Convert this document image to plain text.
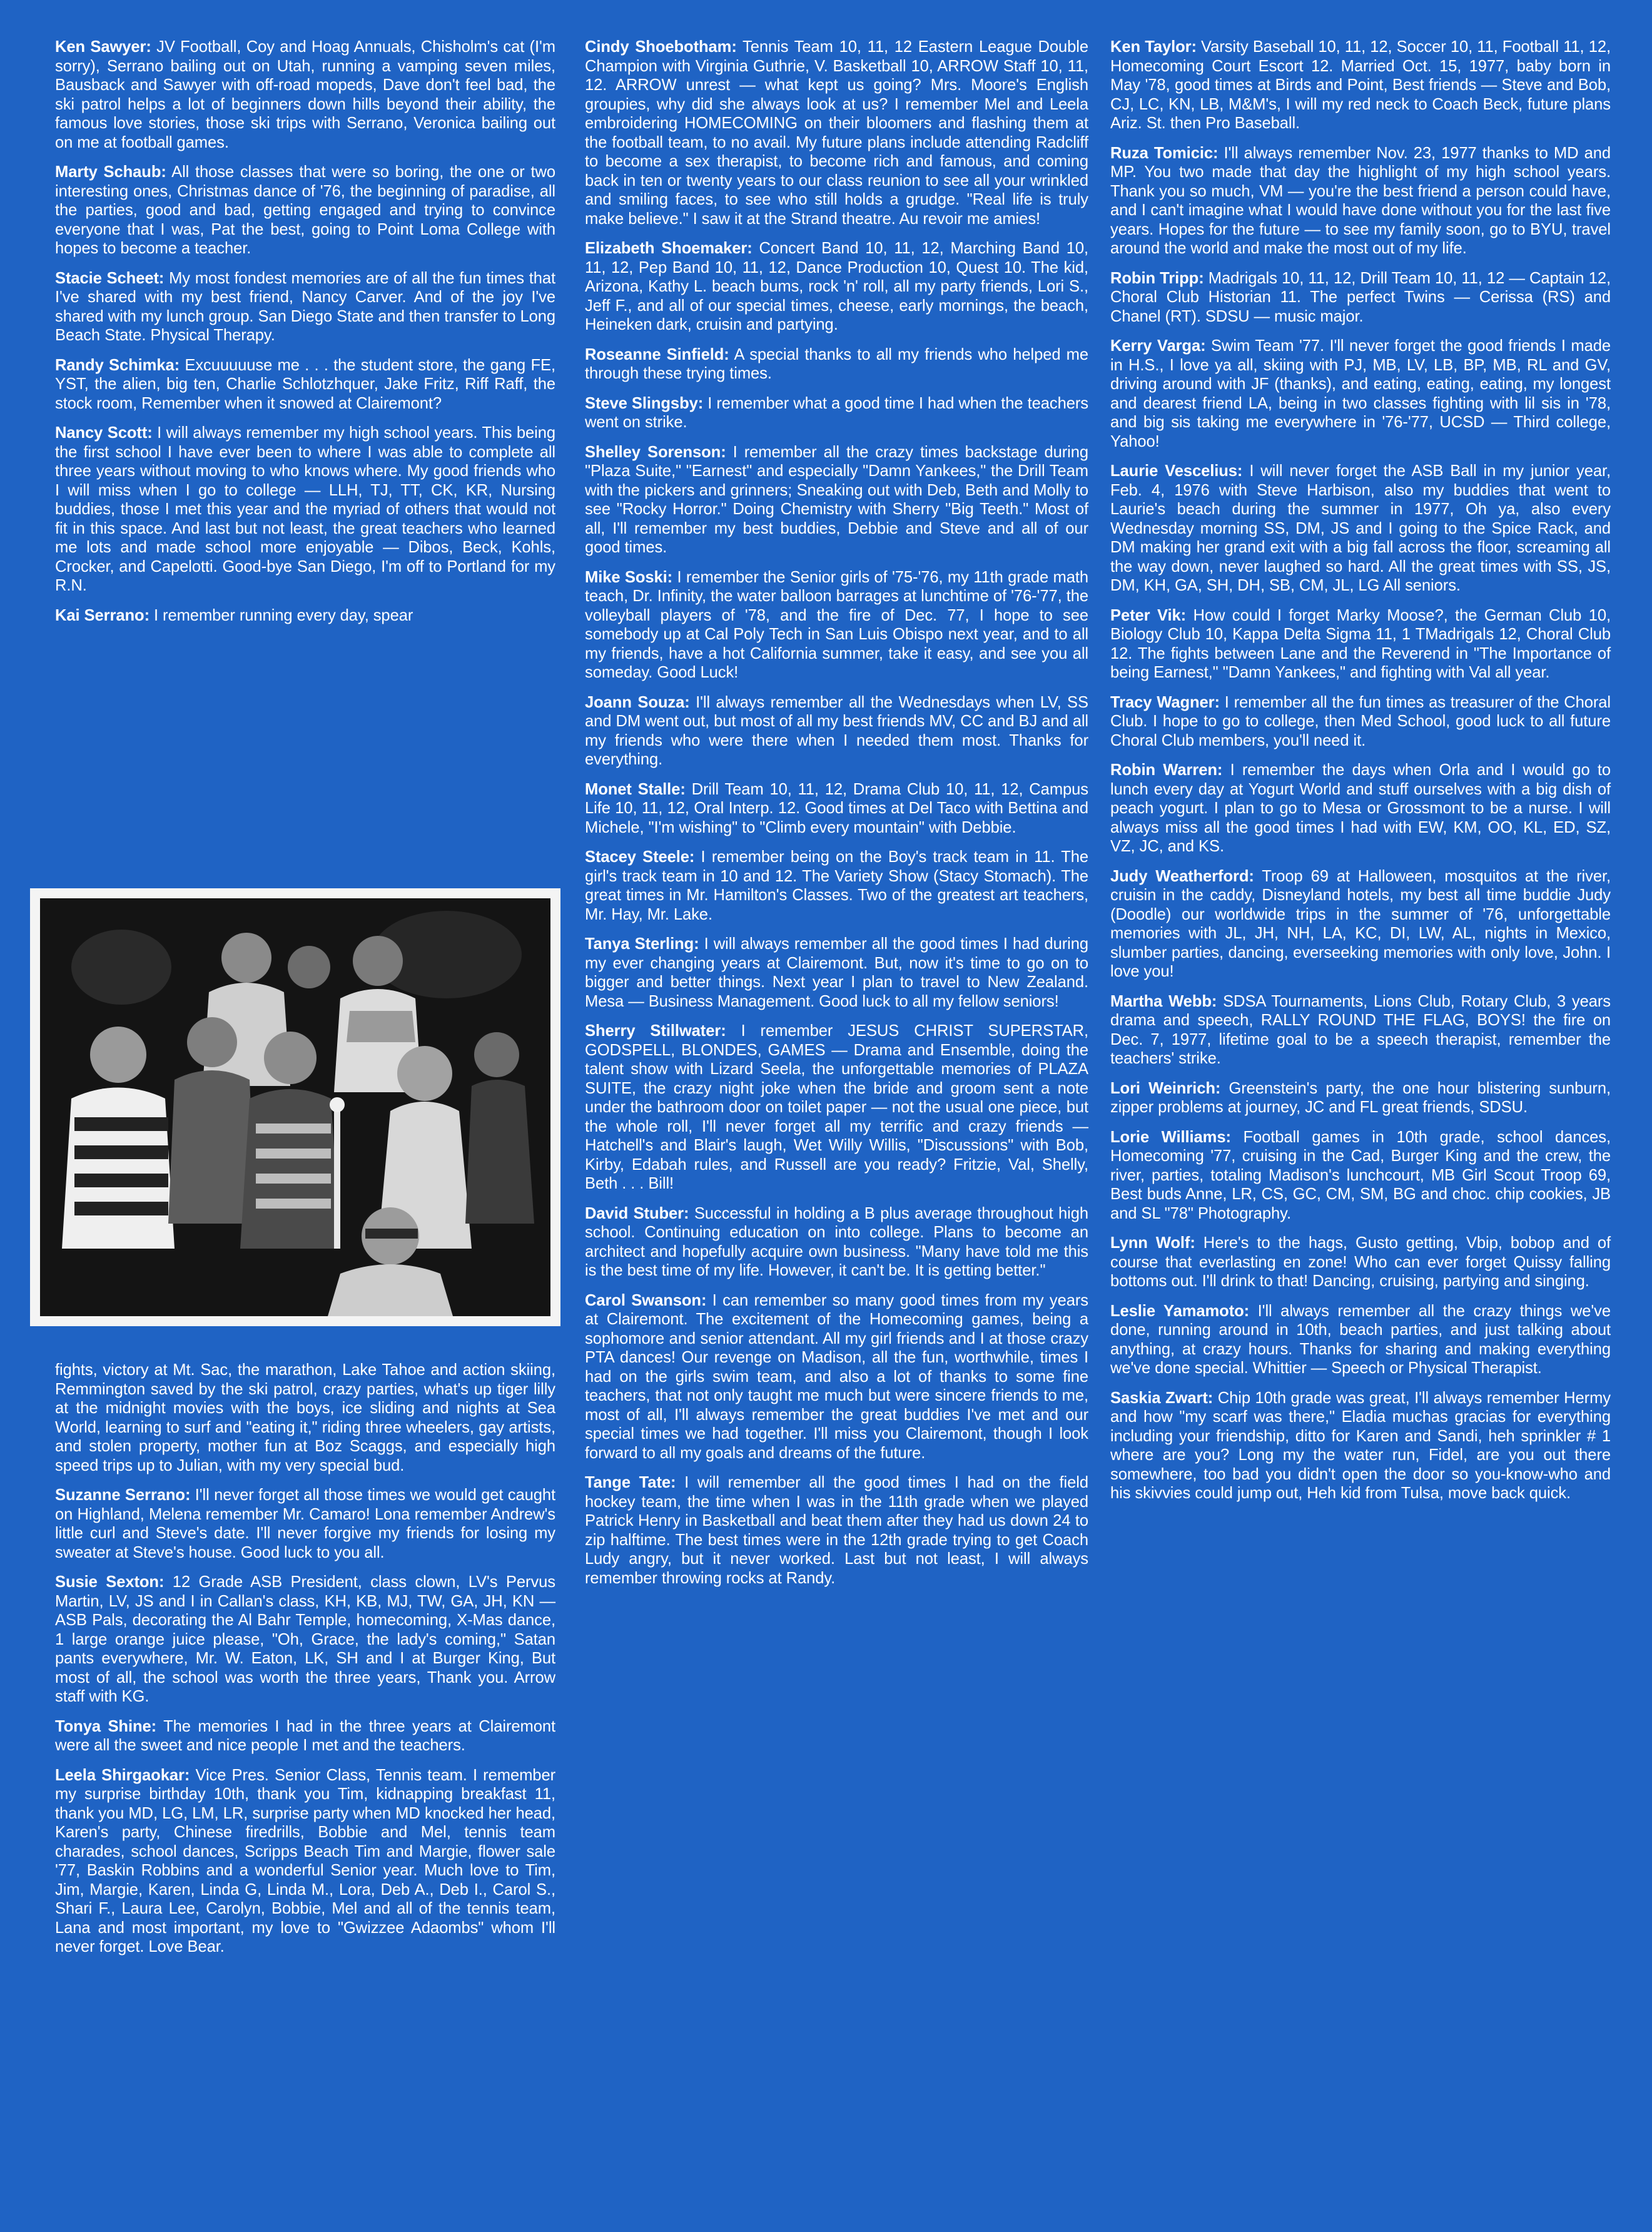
Ken Sawyer: JV Football, Coy and Hoag Annuals, Chisholm's cat (I'm sorry), Serrano bailing out on Utah, running a vamping seven miles, Bausback and Sawyer with off-road mopeds, Dave don't feel bad, the ski patrol helps a lot of beginners down hills beyond their ability, the famous love stories, those ski trips with Serrano, Veronica bailing out on me at football games.

Marty Schaub: All those classes that were so boring, the one or two interesting ones, Christmas dance of '76, the beginning of paradise, all the parties, good and bad, getting engaged and trying to convince everyone that I was, Pat the best, going to Point Loma College with hopes to become a teacher.

Stacie Scheet: My most fondest memories are of all the fun times that I've shared with my best friend, Nancy Carver. And of the joy I've shared with my lunch group. San Diego State and then transfer to Long Beach State. Physical Therapy.

Randy Schimka: Excuuuuuse me . . . the student store, the gang FE, YST, the alien, big ten, Charlie Schlotzhquer, Jake Fritz, Riff Raff, the stock room, Remember when it snowed at Clairemont?

Nancy Scott: I will always remember my high school years. This being the first school I have ever been to where I was able to complete all three years without moving to who knows where. My good friends who I will miss when I go to college — LLH, TJ, TT, CK, KR, Nursing buddies, those I met this year and the myriad of others that would not fit in this space. And last but not least, the great teachers who learned me lots and made school more enjoyable — Dibos, Beck, Kohls, Crocker, and Capelotti. Good-bye San Diego, I'm off to Portland for my R.N.

Kai Serrano: I remember running every day, spear

fights, victory at Mt. Sac, the marathon, Lake Tahoe and action skiing, Remmington saved by the ski patrol, crazy parties, what's up tiger lilly at the midnight movies with the boys, ice sliding and nights at Sea World, learning to surf and "eating it," riding three wheelers, gay artists, and stolen property, mother fun at Boz Scaggs, and especially high speed trips up to Julian, with my very special bud.

Suzanne Serrano: I'll never forget all those times we would get caught on Highland, Melena remember Mr. Camaro! Lona remember Andrew's little curl and Steve's date. I'll never forgive my friends for losing my sweater at Steve's house. Good luck to you all.

Susie Sexton: 12 Grade ASB President, class clown, LV's Pervus Martin, LV, JS and I in Callan's class, KH, KB, MJ, TW, GA, JH, KN — ASB Pals, decorating the Al Bahr Temple, homecoming, X-Mas dance, 1 large orange juice please, "Oh, Grace, the lady's coming," Satan pants everywhere, Mr. W. Eaton, LK, SH and I at Burger King, But most of all, the school was worth the three years, Thank you. Arrow staff with KG.

Tonya Shine: The memories I had in the three years at Clairemont were all the sweet and nice people I met and the teachers.

Leela Shirgaokar: Vice Pres. Senior Class, Tennis team. I remember my surprise birthday 10th, thank you Tim, kidnapping breakfast 11, thank you MD, LG, LM, LR, surprise party when MD knocked her head, Karen's party, Chinese firedrills, Bobbie and Mel, tennis team charades, school dances, Scripps Beach Tim and Margie, flower sale '77, Baskin Robbins and a wonderful Senior year. Much love to Tim, Jim, Margie, Karen, Linda G, Linda M., Lora, Deb A., Deb I., Carol S., Shari F., Laura Lee, Carolyn, Bobbie, Mel and all of the tennis team, Lana and most important, my love to "Gwizzee Adaombs" whom I'll never forget. Love Bear.

Cindy Shoebotham: Tennis Team 10, 11, 12 Eastern League Double Champion with Virginia Guthrie, V. Basketball 10, ARROW Staff 10, 11, 12. ARROW unrest — what kept us going? Mrs. Moore's English groupies, why did she always look at us? I remember Mel and Leela embroidering HOMECOMING on their bloomers and flashing them at the football team, to no avail. My future plans include attending Radcliff to become a sex therapist, to become rich and famous, and coming back in ten or twenty years to our class reunion to see all your wrinkled and smiling faces, to see who still holds a grudge. "Real life is truly make believe." I saw it at the Strand theatre. Au revoir me amies!

Elizabeth Shoemaker: Concert Band 10, 11, 12, Marching Band 10, 11, 12, Pep Band 10, 11, 12, Dance Production 10, Quest 10. The kid, Arizona, Kathy L. beach bums, rock 'n' roll, all my party friends, Lori S., Jeff F., and all of our special times, cheese, early mornings, the beach, Heineken dark, cruisin and partying.

Roseanne Sinfield: A special thanks to all my friends who helped me through these trying times.

Steve Slingsby: I remember what a good time I had when the teachers went on strike.

Shelley Sorenson: I remember all the crazy times backstage during "Plaza Suite," "Earnest" and especially "Damn Yankees," the Drill Team with the pickers and grinners; Sneaking out with Deb, Beth and Molly to see "Rocky Horror." Doing Chemistry with Sherry "Big Teeth." Most of all, I'll remember my best buddies, Debbie and Steve and all of our good times.

Mike Soski: I remember the Senior girls of '75-'76, my 11th grade math teach, Dr. Infinity, the water balloon barrages at lunchtime of '76-'77, the volleyball players of '78, and the fire of Dec. 77, I hope to see somebody up at Cal Poly Tech in San Luis Obispo next year, and to all my friends, have a hot California summer, take it easy, and see you all someday. Good Luck!

Joann Souza: I'll always remember all the Wednesdays when LV, SS and DM went out, but most of all my best friends MV, CC and BJ and all my friends who were there when I needed them most. Thanks for everything.

Monet Stalle: Drill Team 10, 11, 12, Drama Club 10, 11, 12, Campus Life 10, 11, 12, Oral Interp. 12. Good times at Del Taco with Bettina and Michele, "I'm wishing" to "Climb every mountain" with Debbie.

Stacey Steele: I remember being on the Boy's track team in 11. The girl's track team in 10 and 12. The Variety Show (Stacy Stomach). The great times in Mr. Hamilton's Classes. Two of the greatest art teachers, Mr. Hay, Mr. Lake.

Tanya Sterling: I will always remember all the good times I had during my ever changing years at Clairemont. But, now it's time to go on to bigger and better things. Next year I plan to travel to New Zealand. Mesa — Business Management. Good luck to all my fellow seniors!

Sherry Stillwater: I remember JESUS CHRIST SUPERSTAR, GODSPELL, BLONDES, GAMES — Drama and Ensemble, doing the talent show with Lizard Seela, the unforgettable memories of PLAZA SUITE, the crazy night joke when the bride and groom sent a note under the bathroom door on toilet paper — not the usual one piece, but the whole roll, I'll never forget all my terrific and crazy friends — Hatchell's and Blair's laugh, Wet Willy Willis, "Discussions" with Bob, Kirby, Edabah rules, and Russell are you ready? Fritzie, Val, Shelly, Beth . . . Bill!

David Stuber: Successful in holding a B plus average throughout high school. Continuing education on into college. Plans to become an architect and hopefully acquire own business. "Many have told me this is the best time of my life. However, it can't be. It is getting better."

Carol Swanson: I can remember so many good times from my years at Clairemont. The excitement of the Homecoming games, being a sophomore and senior attendant. All my girl friends and I at those crazy PTA dances! Our revenge on Madison, all the fun, worthwhile, times I had on the girls swim team, and also a lot of thanks to some fine teachers, that not only taught me much but were sincere friends to me, most of all, I'll always remember the great buddies I've met and our special times we had together. I'll miss you Clairemont, though I look forward to all my goals and dreams of the future.

Tange Tate: I will remember all the good times I had on the field hockey team, the time when I was in the 11th grade when we played Patrick Henry in Basketball and beat them after they had us down 24 to zip halftime. The best times were in the 12th grade trying to get Coach Ludy angry, but it never worked. Last but not least, I will always remember throwing rocks at Randy.

Ken Taylor: Varsity Baseball 10, 11, 12, Soccer 10, 11, Football 11, 12, Homecoming Court Escort 12. Married Oct. 15, 1977, baby born in May '78, good times at Birds and Point, Best friends — Steve and Bob, CJ, LC, KN, LB, M&M's, I will my red neck to Coach Beck, future plans Ariz. St. then Pro Baseball.

Ruza Tomicic: I'll always remember Nov. 23, 1977 thanks to MD and MP. You two made that day the highlight of my high school years. Thank you so much, VM — you're the best friend a person could have, and I can't imagine what I would have done without you for the last five years. Hopes for the future — to see my family soon, go to BYU, travel around the world and make the most out of my life.

Robin Tripp: Madrigals 10, 11, 12, Drill Team 10, 11, 12 — Captain 12, Choral Club Historian 11. The perfect Twins — Cerissa (RS) and Chanel (RT). SDSU — music major.

Kerry Varga: Swim Team '77. I'll never forget the good friends I made in H.S., I love ya all, skiing with PJ, MB, LV, LB, BP, MB, RL and GV, driving around with JF (thanks), and eating, eating, eating, my longest and dearest friend LA, being in two classes fighting with lil sis in '78, and big sis taking me everywhere in '76-'77, UCSD — Third college, Yahoo!

Laurie Vescelius: I will never forget the ASB Ball in my junior year, Feb. 4, 1976 with Steve Harbison, also my buddies that went to Laurie's beach during the summer in 1977, Oh ya, also every Wednesday morning SS, DM, JS and I going to the Spice Rack, and DM making her grand exit with a big fall across the floor, screaming all the way down, never laughed so hard. All the great times with SS, JS, DM, KH, GA, SH, DH, SB, CM, JL, LG All seniors.

Peter Vik: How could I forget Marky Moose?, the German Club 10, Biology Club 10, Kappa Delta Sigma 11, 1 TMadrigals 12, Choral Club 12. The fights between Lane and the Reverend in "The Importance of being Earnest," "Damn Yankees," and fighting with Val all year.

Tracy Wagner: I remember all the fun times as treasurer of the Choral Club. I hope to go to college, then Med School, good luck to all future Choral Club members, you'll need it.

Robin Warren: I remember the days when Orla and I would go to lunch every day at Yogurt World and stuff ourselves with a big dish of peach yogurt. I plan to go to Mesa or Grossmont to be a nurse. I will always miss all the good times I had with EW, KM, OO, KL, ED, SZ, VZ, JC, and KS.

Judy Weatherford: Troop 69 at Halloween, mosquitos at the river, cruisin in the caddy, Disneyland hotels, my best all time buddie Judy (Doodle) our worldwide trips in the summer of '76, unforgettable memories with JL, JH, NH, LA, KC, DI, LW, AL, nights in Mexico, slumber parties, dancing, everseeking memories with only love, John. I love you!

Martha Webb: SDSA Tournaments, Lions Club, Rotary Club, 3 years drama and speech, RALLY ROUND THE FLAG, BOYS! the fire on Dec. 7, 1977, lifetime goal to be a speech therapist, remember the teachers' strike.

Lori Weinrich: Greenstein's party, the one hour blistering sunburn, zipper problems at journey, JC and FL great friends, SDSU.

Lorie Williams: Football games in 10th grade, school dances, Homecoming '77, cruising in the Cad, Burger King and the crew, the river, parties, totaling Madison's lunchcourt, MB Girl Scout Troop 69, Best buds Anne, LR, CS, GC, CM, SM, BG and choc. chip cookies, JB and SL "78" Photography.

Lynn Wolf: Here's to the hags, Gusto getting, Vbip, bobop and of course that everlasting en zone! Who can ever forget Quissy falling bottoms out. I'll drink to that! Dancing, cruising, partying and singing.

Leslie Yamamoto: I'll always remember all the crazy things we've done, running around in 10th, beach parties, and just talking about anything, at crazy hours. Thanks for sharing and making everything we've done special. Whittier — Speech or Physical Therapist.

Saskia Zwart: Chip 10th grade was great, I'll always remember Hermy and how "my scarf was there," Eladia muchas gracias for everything including your friendship, ditto for Karen and Sandi, heh sprinkler # 1 where are you? Long my the water run, Fidel, are you out there somewhere, too bad you didn't open the door so you-know-who and his skivvies could jump out, Heh kid from Tulsa, move back quick.
